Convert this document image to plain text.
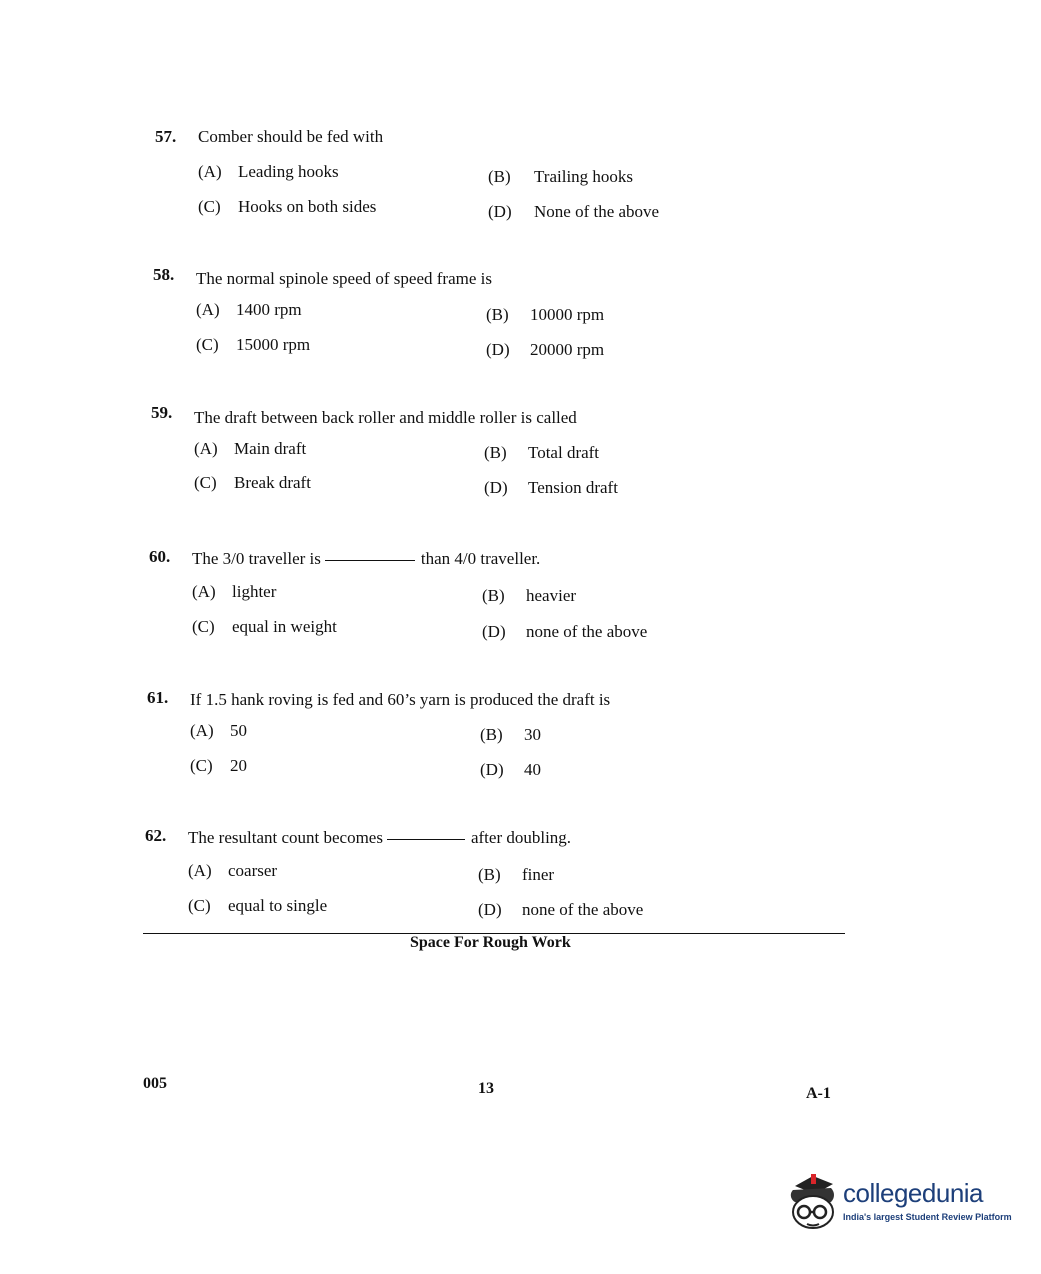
57. Comber should be fed with
(A) Leading hooks	(B) Trailing hooks
(C) Hooks on both sides	(D) None of the above
58. The normal spinole speed of speed frame is
(A) 1400 rpm	(B) 10000 rpm
(C) 15000 rpm	(D) 20000 rpm
59. The draft between back roller and middle roller is called
(A) Main draft	(B) Total draft
(C) Break draft	(D) Tension draft
60. The 3/0 traveller is	than 4/0 traveller.
(A) lighter	(B) heavier
(C) equal in weight	(D) none of the above
61. If 1.5 hank roving is fed and 60’s yarn is produced the draft is
(A) 50	(B) 30
(C) 20	(D) 40
62. The resultant count becomes	after doubling.
(A) coarser	(B) finer
(C) equal to single	(D) none of the above
Space For Rough Work
005	13	A-1
collegedunia
India's largest Student Review Platform
